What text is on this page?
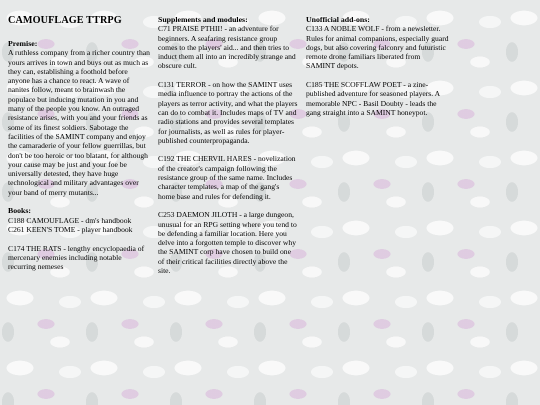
CAMOUFLAGE TTRPG
Premise:

A ruthless company from a richer country than yours arrives in town and buys out as much as they can, establishing a foothold before anyone has a chance to react. A wave of nanites follow, meant to brainwash the populace but inducing mutation in you and many of the people you know. An outraged resistance arises, with you and your friends as some of its finest soldiers. Sabotage the facilities of the SAMINT company and enjoy the camaraderie of your fellow guerrillas, but don't be too heroic or too blatant, for although your cause may be just and your foe be universally detested, they have huge technological and military advantages over your band of merry mutants...

Books:

C188 CAMOUFLAGE - dm's handbook

C261 KEEN'S TOME - player handbook

C174 THE RATS - lengthy encyclopaedia of mercenary enemies including notable recurring nemeses

Supplements and modules:

C71 PRAISE PTHII! - an adventure for beginners. A seafaring resistance group comes to the players' aid... and then tries to induct them all into an incredibly strange and obscure cult.

C131 TERROR - on how the SAMINT uses media influence to portray the actions of the players as terror activity, and what the players can do to combat it. Includes maps of TV and radio stations and provides several templates for journalists, as well as rules for player-published counterpropaganda.

C192 THE CHERVIL HARES - novelization of the creator's campaign following the resistance group of the same name. Includes character templates, a map of the gang's home base and rules for defending it.

C253 DAEMON JILOTH - a large dungeon, unusual for an RPG setting where you tend to be defending a familiar location. Here you delve into a forgotten temple to discover why the SAMINT corp have chosen to build one of their critical facilities directly above the site.

Unofficial add-ons:

C133 A NOBLE WOLF - from a newsletter. Rules for animal companions, especially guard dogs, but also covering falconry and futuristic remote drone familiars liberated from SAMINT depots.

C185 THE SCOFFLAW POET - a zine-published adventure for seasoned players. A memorable NPC - Basil Doubty - leads the gang straight into a SAMINT honeypot.
